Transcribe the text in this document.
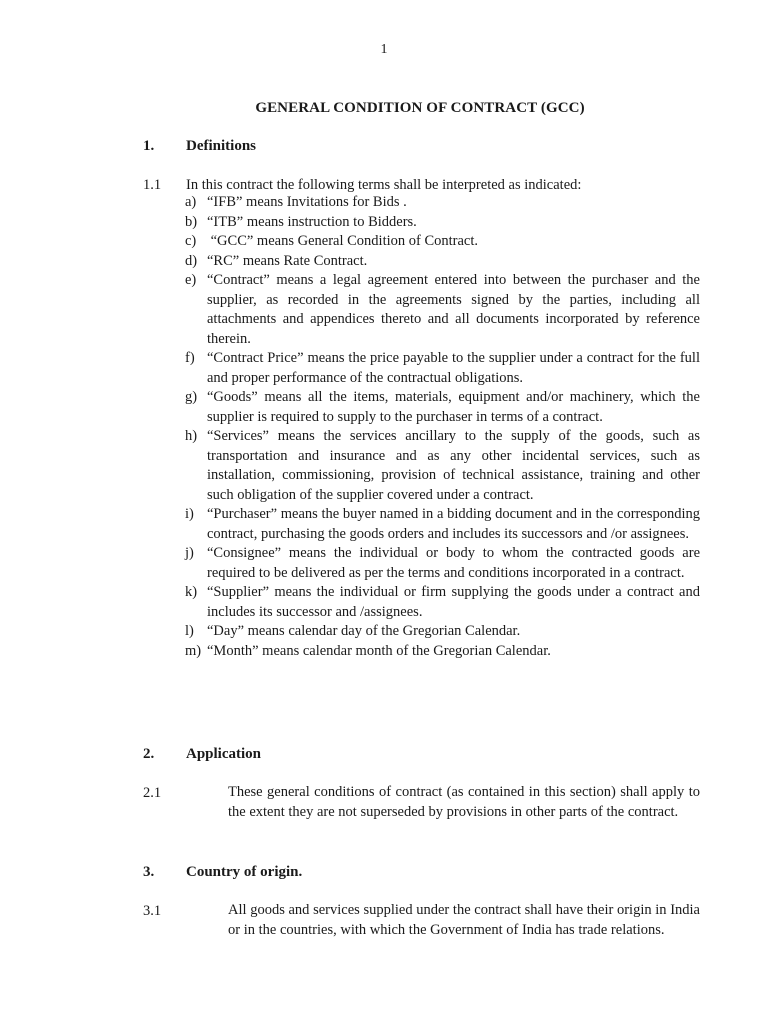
1
GENERAL CONDITION OF CONTRACT (GCC)
1. Definitions
1.1 In this contract the following terms shall be interpreted as indicated:
a) “IFB” means Invitations for Bids .
b) “ITB” means instruction to Bidders.
c) “GCC” means General Condition of Contract.
d) “RC” means Rate Contract.
e) “Contract” means a legal agreement entered into between the purchaser and the supplier, as recorded in the agreements signed by the parties, including all attachments and appendices thereto and all documents incorporated by reference therein.
f) “Contract Price” means the price payable to the supplier under a contract for the full and proper performance of the contractual obligations.
g) “Goods” means all the items, materials, equipment and/or machinery, which the supplier is required to supply to the purchaser in terms of a contract.
h) “Services” means the services ancillary to the supply of the goods, such as transportation and insurance and as any other incidental services, such as installation, commissioning, provision of technical assistance, training and other such obligation of the supplier covered under a contract.
i) “Purchaser” means the buyer named in a bidding document and in the corresponding contract, purchasing the goods orders and includes its successors and /or assignees.
j) “Consignee” means the individual or body to whom the contracted goods are required to be delivered as per the terms and conditions incorporated in a contract.
k) “Supplier” means the individual or firm supplying the goods under a contract and includes its successor and /assignees.
l) “Day” means calendar day of the Gregorian Calendar.
m) “Month” means calendar month of the Gregorian Calendar.
2. Application
2.1	These general conditions of contract (as contained in this section) shall apply to the extent they are not superseded by provisions in other parts of the contract.
3. Country of origin.
3.1	All goods and services supplied under the contract shall have their origin in India or in the countries, with which the Government of India has trade relations.
